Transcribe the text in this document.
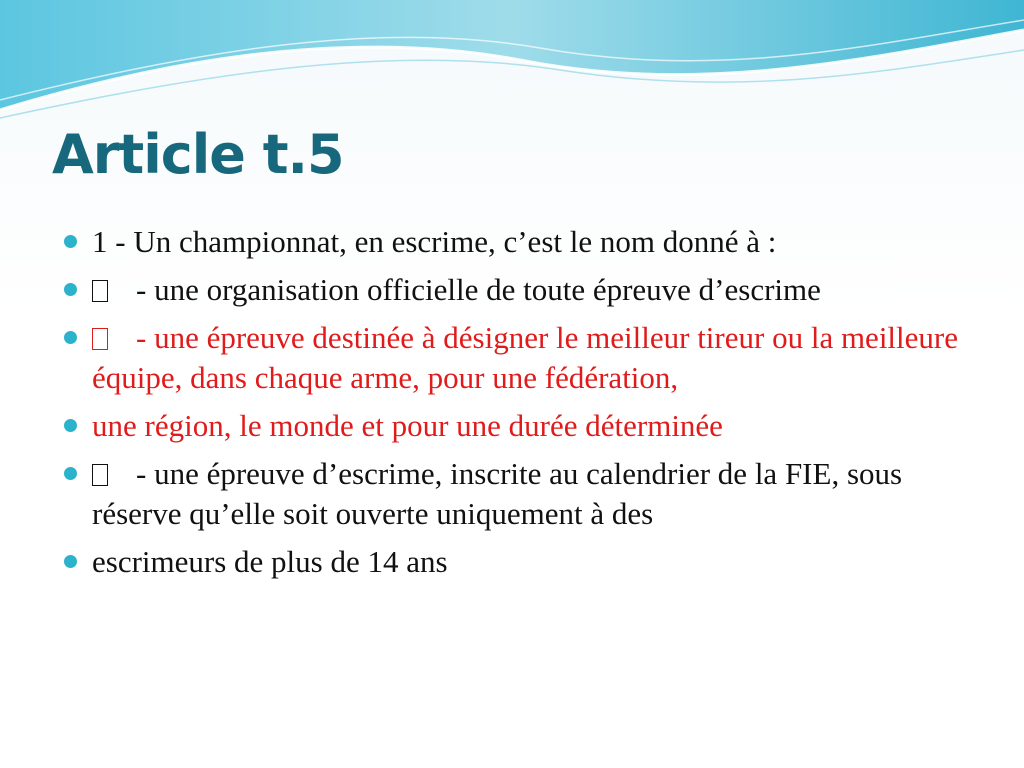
Article t.5
1 - Un championnat, en escrime, c’est le nom donné à :
- une organisation officielle de toute épreuve d’escrime
- une épreuve destinée à désigner le meilleur tireur ou la meilleure équipe, dans chaque arme, pour une fédération,
une région, le monde et pour une durée déterminée
- une épreuve d’escrime, inscrite au calendrier de la FIE, sous réserve qu’elle soit ouverte uniquement à des
escrimeurs de plus de 14 ans
